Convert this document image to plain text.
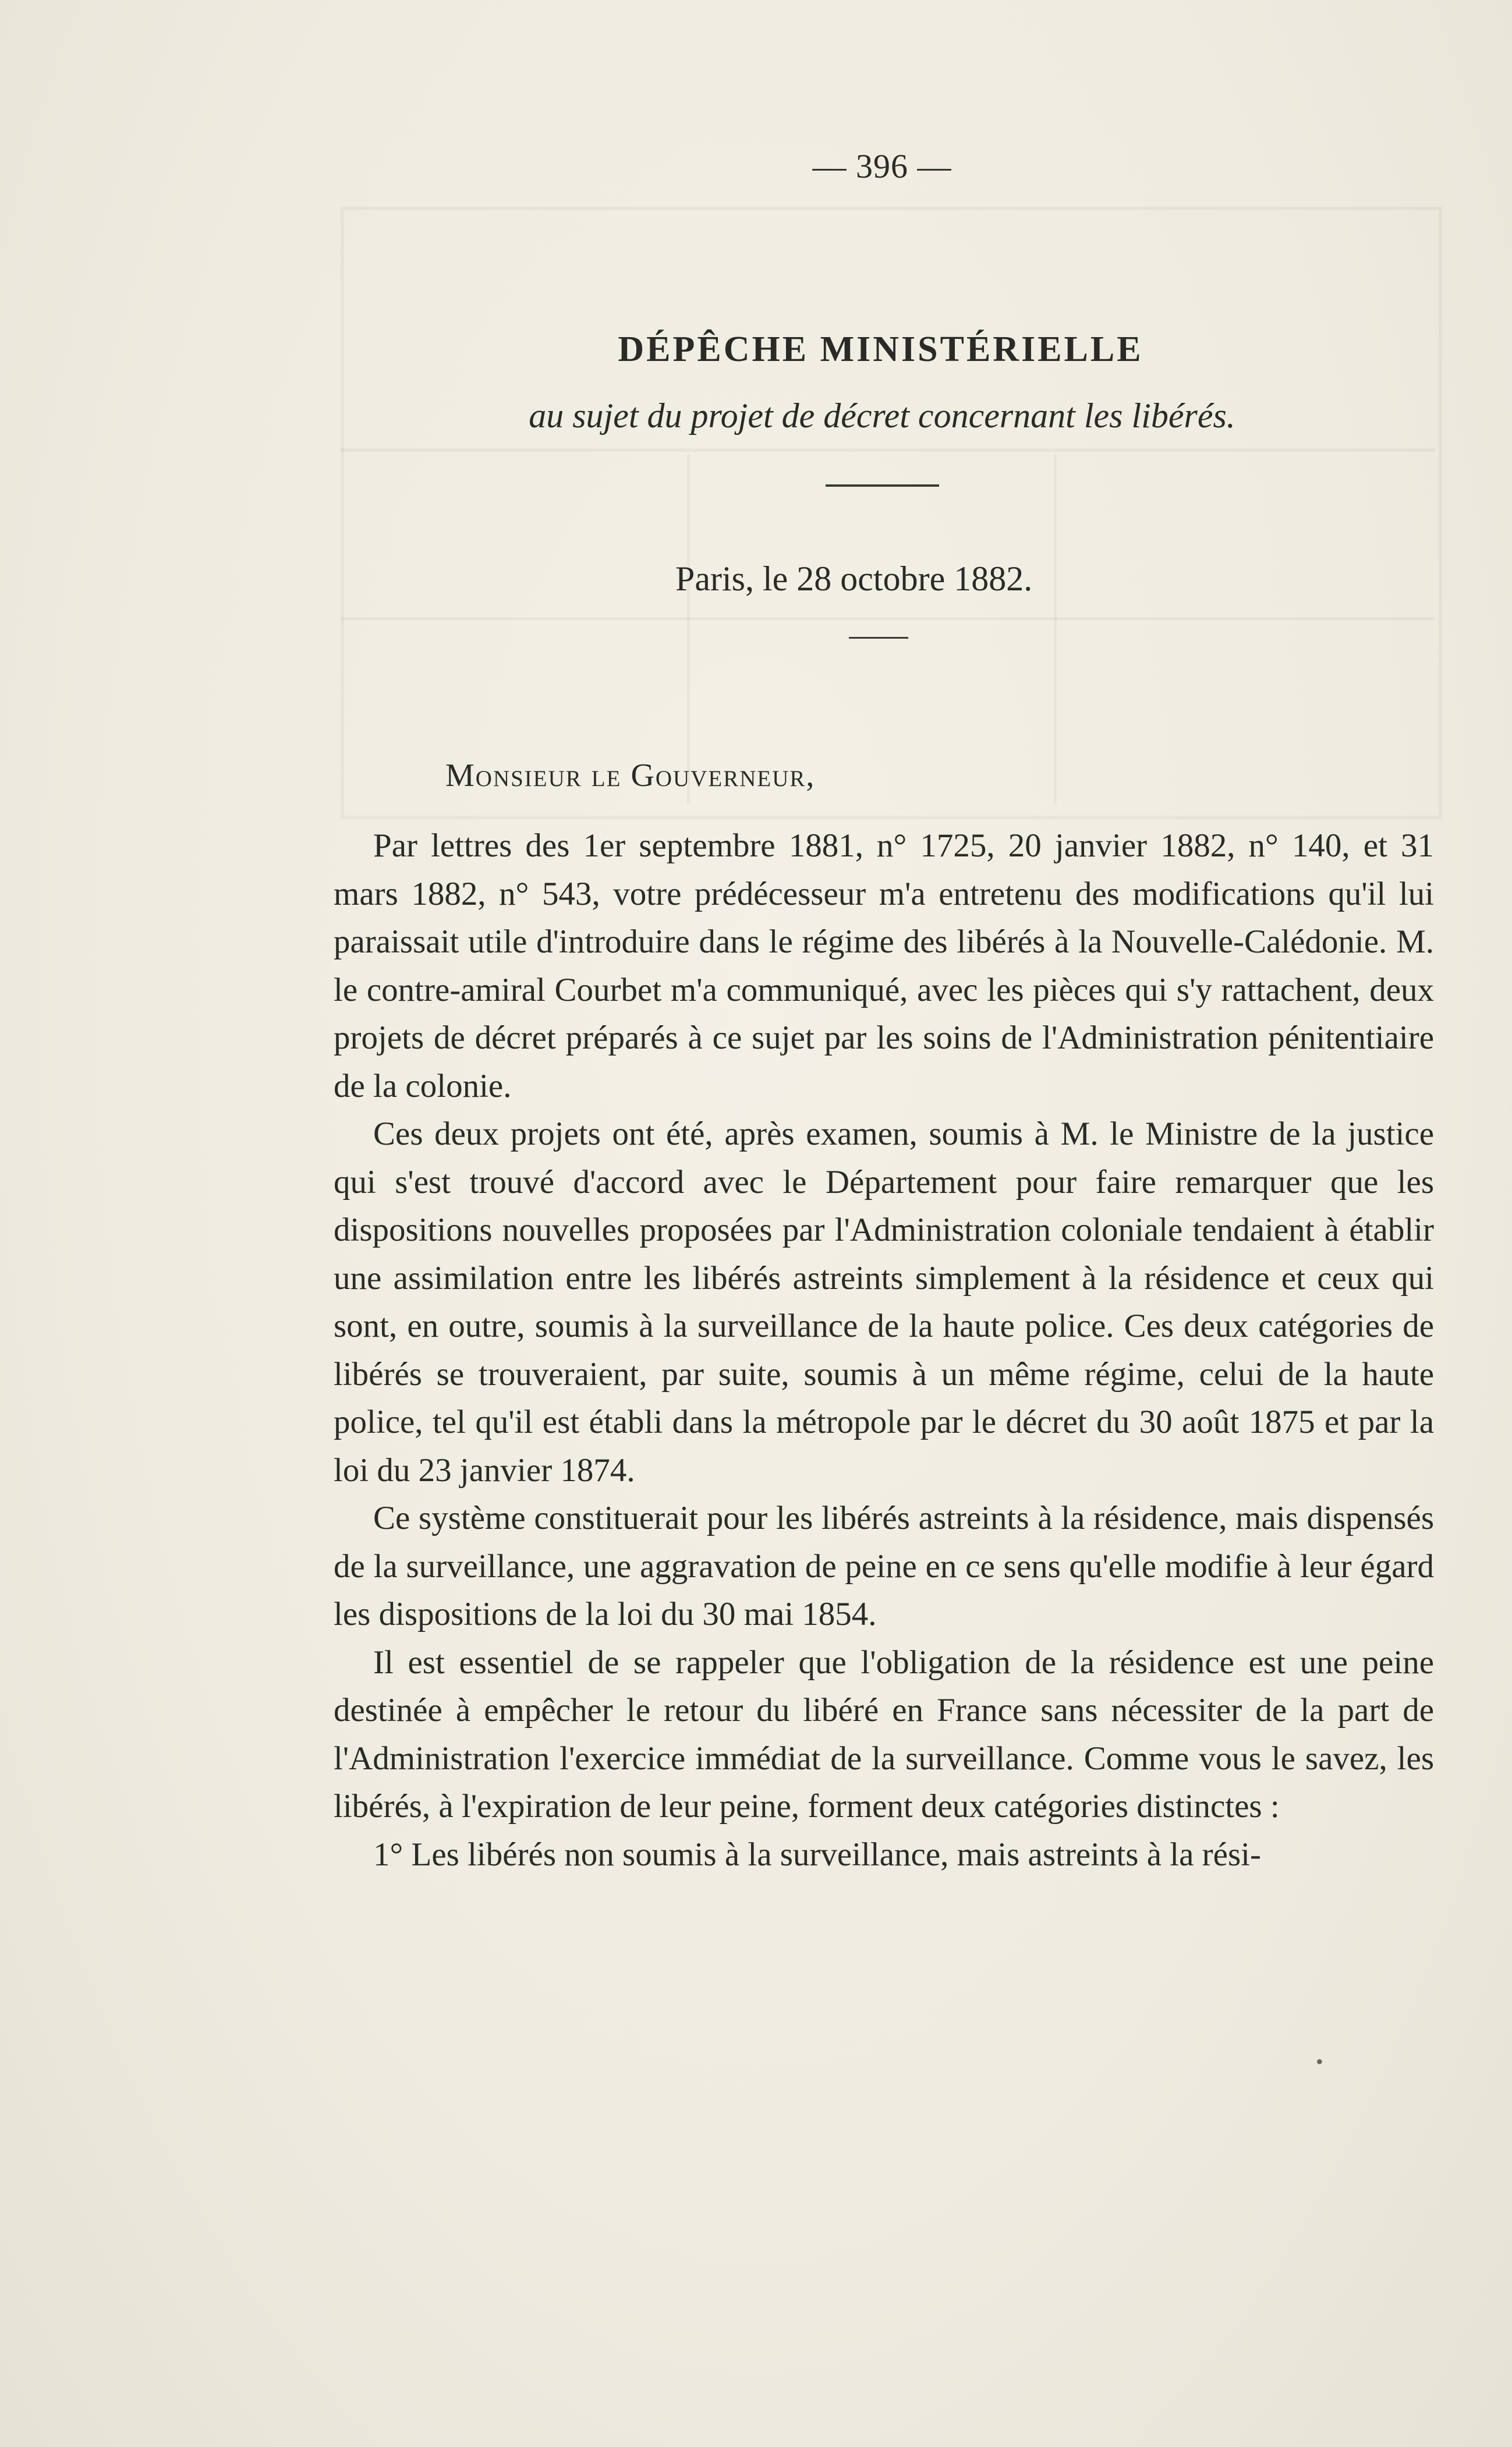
— 396 —
DÉPÊCHE MINISTÉRIELLE
au sujet du projet de décret concernant les libérés.
Paris, le 28 octobre 1882.
Monsieur le Gouverneur,

Par lettres des 1er septembre 1881, n° 1725, 20 janvier 1882, n° 140, et 31 mars 1882, n° 543, votre prédécesseur m'a entretenu des modifications qu'il lui paraissait utile d'introduire dans le régime des libérés à la Nouvelle-Calédonie. M. le contre-amiral Courbet m'a communiqué, avec les pièces qui s'y rattachent, deux projets de décret préparés à ce sujet par les soins de l'Administration pénitentiaire de la colonie.

Ces deux projets ont été, après examen, soumis à M. le Ministre de la justice qui s'est trouvé d'accord avec le Département pour faire remarquer que les dispositions nouvelles proposées par l'Administration coloniale tendaient à établir une assimilation entre les libérés astreints simplement à la résidence et ceux qui sont, en outre, soumis à la surveillance de la haute police. Ces deux catégories de libérés se trouveraient, par suite, soumis à un même régime, celui de la haute police, tel qu'il est établi dans la métropole par le décret du 30 août 1875 et par la loi du 23 janvier 1874.

Ce système constituerait pour les libérés astreints à la résidence, mais dispensés de la surveillance, une aggravation de peine en ce sens qu'elle modifie à leur égard les dispositions de la loi du 30 mai 1854.

Il est essentiel de se rappeler que l'obligation de la résidence est une peine destinée à empêcher le retour du libéré en France sans nécessiter de la part de l'Administration l'exercice immédiat de la surveillance. Comme vous le savez, les libérés, à l'expiration de leur peine, forment deux catégories distinctes :

1° Les libérés non soumis à la surveillance, mais astreints à la rési-

•
